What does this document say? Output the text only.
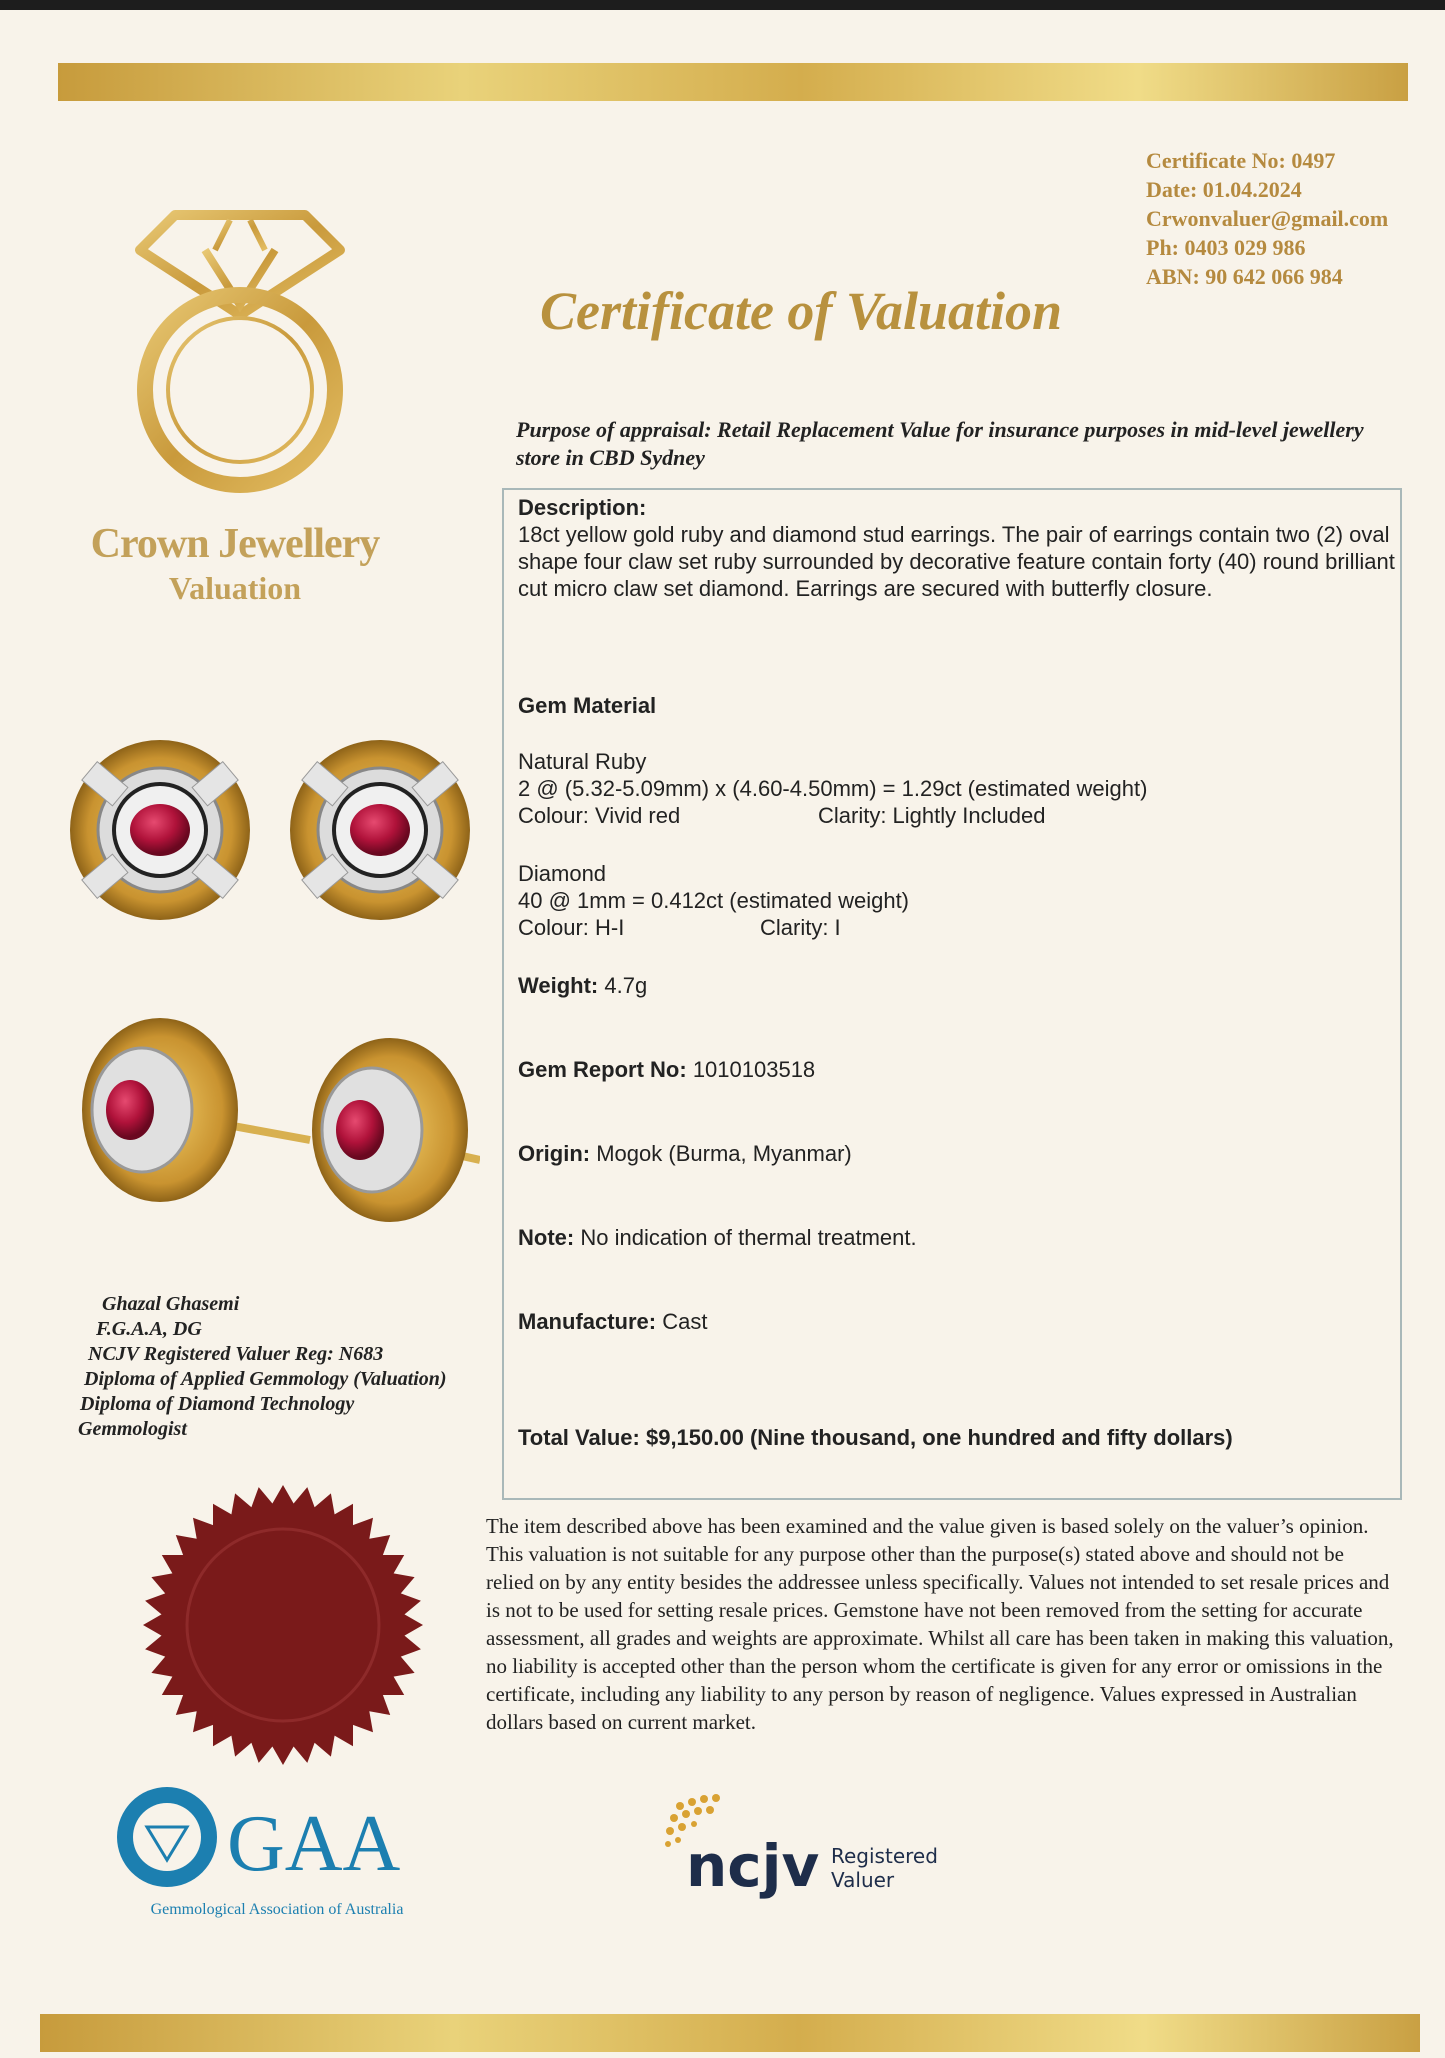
Certificate No: 0497
Date: 01.04.2024
Crwonvaluer@gmail.com
Ph: 0403 029 986
ABN: 90 642 066 984
Certificate of Valuation
Crown Jewellery
Valuation
Purpose of appraisal: Retail Replacement Value for insurance purposes in mid-level jewellery store in CBD Sydney
Description:
18ct yellow gold ruby and diamond stud earrings. The pair of earrings contain two (2) oval shape four claw set ruby surrounded by decorative feature contain forty (40) round brilliant cut micro claw set diamond. Earrings are secured with butterfly closure.
Gem Material
Natural Ruby
2 @ (5.32-5.09mm) x (4.60-4.50mm) = 1.29ct (estimated weight)
Colour: Vivid red	Clarity: Lightly Included
Diamond
40 @ 1mm = 0.412ct (estimated weight)
Colour: H-I	Clarity: I
Weight: 4.7g
Gem Report No: 1010103518
Origin: Mogok (Burma, Myanmar)
Note: No indication of thermal treatment.
Manufacture: Cast
Total Value: $9,150.00 (Nine thousand, one hundred and fifty dollars)
Ghazal Ghasemi
F.G.A.A, DG
NCJV Registered Valuer Reg: N683
Diploma of Applied Gemmology (Valuation)
Diploma of Diamond Technology
Gemmologist
The item described above has been examined and the value given is based solely on the valuer’s opinion. This valuation is not suitable for any purpose other than the purpose(s) stated above and should not be relied on by any entity besides the addressee unless specifically. Values not intended to set resale prices and is not to be used for setting resale prices. Gemstone have not been removed from the setting for accurate assessment, all grades and weights are approximate. Whilst all care has been taken in making this valuation, no liability is accepted other than the person whom the certificate is given for any error or omissions in the certificate, including any liability to any person by reason of negligence. Values expressed in Australian dollars based on current market.
GAA
Gemmological Association of Australia
ncjv Registered
Valuer
